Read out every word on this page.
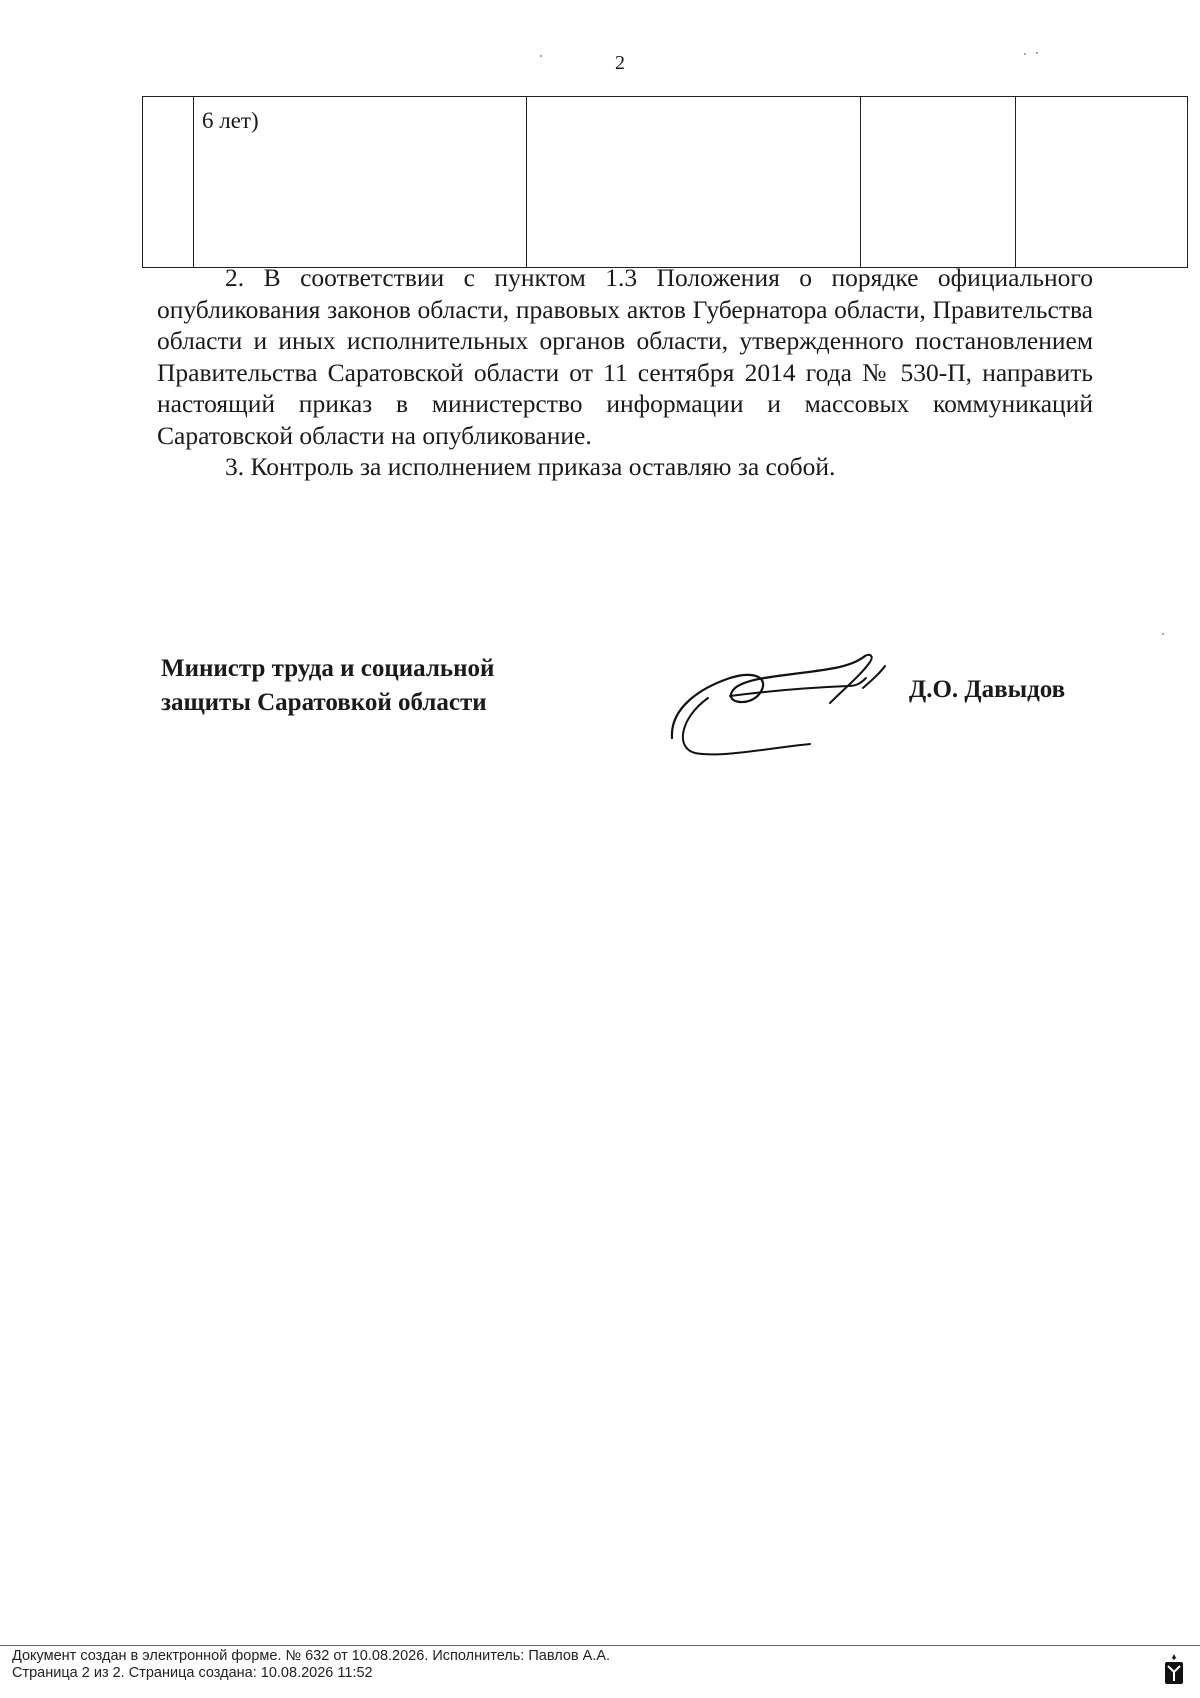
2
	6 лет)			

2. В соответствии с пунктом 1.3 Положения о порядке официального опубликования законов области, правовых актов Губернатора области, Правительства области и иных исполнительных органов области, утвержденного постановлением Правительства Саратовской области от 11 сентября 2014 года № 530-П, направить настоящий приказ в министерство информации и массовых коммуникаций Саратовской области на опубликование.

3. Контроль за исполнением приказа оставляю за собой.

Министр труда и социальной
защиты Саратовкой области	Д.О. Давыдов
Документ создан в электронной форме. № 632 от 10.08.2026. Исполнитель: Павлов А.А.
Страница 2 из 2. Страница создана: 10.08.2026 11:52
